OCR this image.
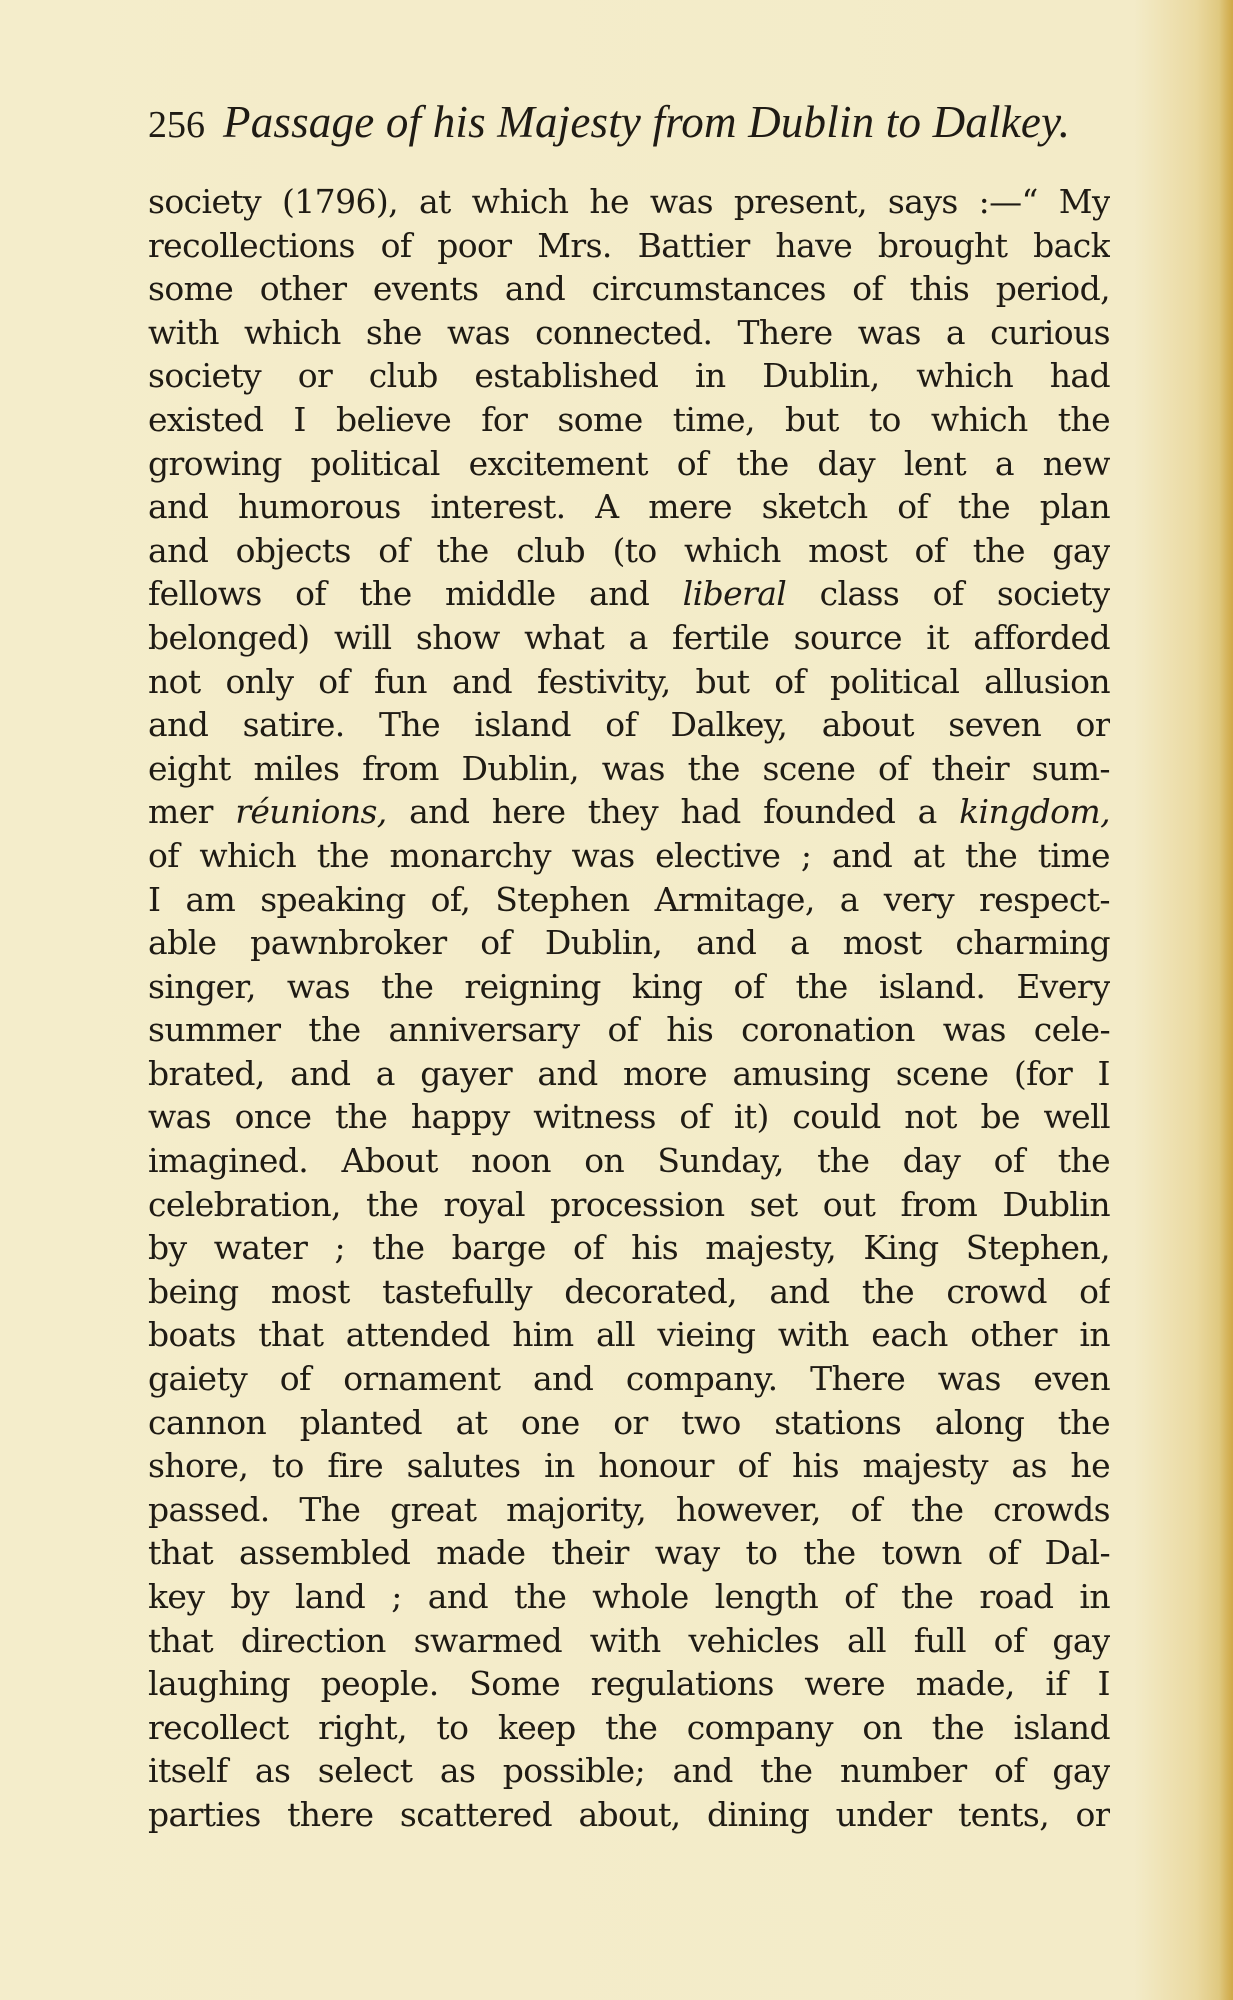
256 Passage of his Majesty from Dublin to Dalkey.
society (1796), at which he was present, says :—“ My
recollections of poor Mrs. Battier have brought back
some other events and circumstances of this period,
with which she was connected. There was a curious
society or club established in Dublin, which had
existed I believe for some time, but to which the
growing political excitement of the day lent a new
and humorous interest. A mere sketch of the plan
and objects of the club (to which most of the gay
fellows of the middle and liberal class of society
belonged) will show what a fertile source it afforded
not only of fun and festivity, but of political allusion
and satire. The island of Dalkey, about seven or
eight miles from Dublin, was the scene of their sum-
mer réunions, and here they had founded a kingdom,
of which the monarchy was elective ; and at the time
I am speaking of, Stephen Armitage, a very respect-
able pawnbroker of Dublin, and a most charming
singer, was the reigning king of the island. Every
summer the anniversary of his coronation was cele-
brated, and a gayer and more amusing scene (for I
was once the happy witness of it) could not be well
imagined. About noon on Sunday, the day of the
celebration, the royal procession set out from Dublin
by water ; the barge of his majesty, King Stephen,
being most tastefully decorated, and the crowd of
boats that attended him all vieing with each other in
gaiety of ornament and company. There was even
cannon planted at one or two stations along the
shore, to fire salutes in honour of his majesty as he
passed. The great majority, however, of the crowds
that assembled made their way to the town of Dal-
key by land ; and the whole length of the road in
that direction swarmed with vehicles all full of gay
laughing people. Some regulations were made, if I
recollect right, to keep the company on the island
itself as select as possible; and the number of gay
parties there scattered about, dining under tents, or
